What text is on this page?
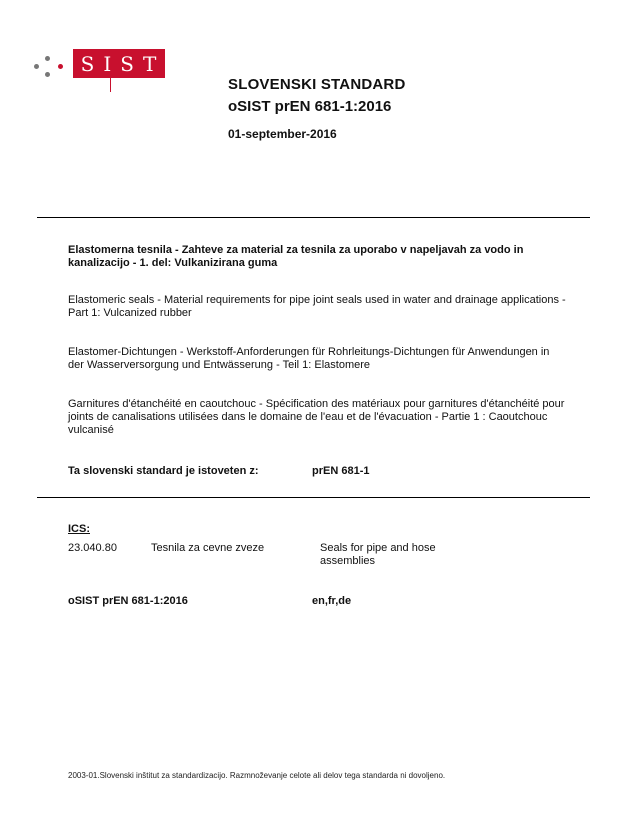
SIST
SLOVENSKI STANDARD
oSIST prEN 681-1:2016
01-september-2016
Elastomerna tesnila - Zahteve za material za tesnila za uporabo v napeljavah za vodo in kanalizacijo - 1. del: Vulkanizirana guma
Elastomeric seals - Material requirements for pipe joint seals used in water and drainage applications - Part 1: Vulcanized rubber
Elastomer-Dichtungen - Werkstoff-Anforderungen für Rohrleitungs-Dichtungen für Anwendungen in der Wasserversorgung und Entwässerung - Teil 1: Elastomere
Garnitures d'étanchéité en caoutchouc - Spécification des matériaux pour garnitures d'étanchéité pour joints de canalisations utilisées dans le domaine de l'eau et de l'évacuation - Partie 1 : Caoutchouc vulcanisé
Ta slovenski standard je istoveten z:	prEN 681-1
ICS:
23.040.80	Tesnila za cevne zveze	Seals for pipe and hose assemblies
oSIST prEN 681-1:2016	en,fr,de
2003-01.Slovenski inštitut za standardizacijo. Razmnoževanje celote ali delov tega standarda ni dovoljeno.
